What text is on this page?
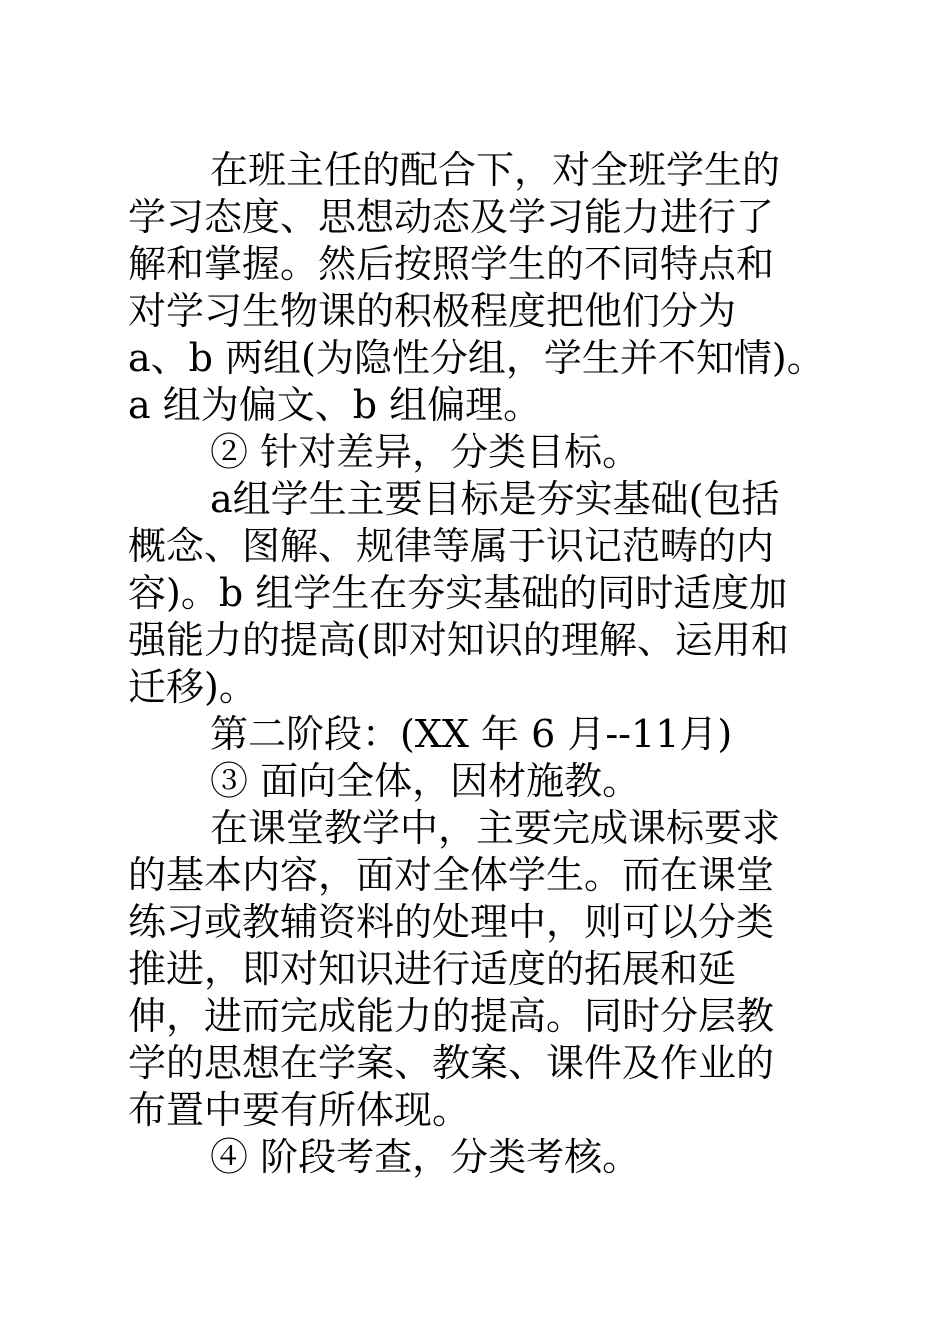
在班主任的配合下，对全班学生的
学习态度、思想动态及学习能力进行了
解和掌握。然后按照学生的不同特点和
对学习生物课的积极程度把他们分为
a、b 两组(为隐性分组，学生并不知情)。
a 组为偏文、b 组偏理。
② 针对差异，分类目标。
a组学生主要目标是夯实基础(包括
概念、图解、规律等属于识记范畴的内
容)。b 组学生在夯实基础的同时适度加
强能力的提高(即对知识的理解、运用和
迁移)。
第二阶段：(XX 年 6 月--11月)
③ 面向全体，因材施教。
在课堂教学中，主要完成课标要求
的基本内容，面对全体学生。而在课堂
练习或教辅资料的处理中，则可以分类
推进，即对知识进行适度的拓展和延
伸，进而完成能力的提高。同时分层教
学的思想在学案、教案、课件及作业的
布置中要有所体现。
④ 阶段考查，分类考核。
